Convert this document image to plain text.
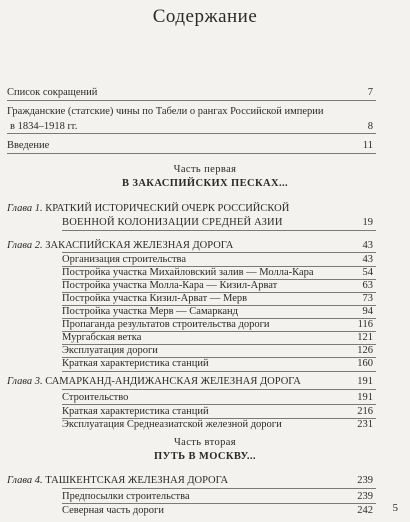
Содержание
Список сокращений	7
Гражданские (статские) чины по Табели о рангах Российской империи
в 1834–1918 гг.	8
Введение	11
Часть первая
В ЗАКАСПИЙСКИХ ПЕСКАХ...
Глава 1. КРАТКИЙ ИСТОРИЧЕСКИЙ ОЧЕРК РОССИЙСКОЙ
ВОЕННОЙ КОЛОНИЗАЦИИ СРЕДНЕЙ АЗИИ	19
Глава 2. ЗАКАСПИЙСКАЯ ЖЕЛЕЗНАЯ ДОРОГА	43
Организация строительства	43
Постройка участка Михайловский залив — Молла-Кара	54
Постройка участка Молла-Кара — Кизил-Арват	63
Постройка участка Кизил-Арват — Мерв	73
Постройка участка Мерв — Самарканд	94
Пропаганда результатов строительства дороги	116
Мургабская ветка	121
Эксплуатация дороги	126
Краткая характеристика станций	160
Глава 3. САМАРКАНД-АНДИЖАНСКАЯ ЖЕЛЕЗНАЯ ДОРОГА	191
Строительство	191
Краткая характеристика станций	216
Эксплуатация Среднеазиатской железной дороги	231
Часть вторая
ПУТЬ В МОСКВУ...
Глава 4. ТАШКЕНТСКАЯ ЖЕЛЕЗНАЯ ДОРОГА	239
Предпосылки строительства	239
Северная часть дороги	242 5
